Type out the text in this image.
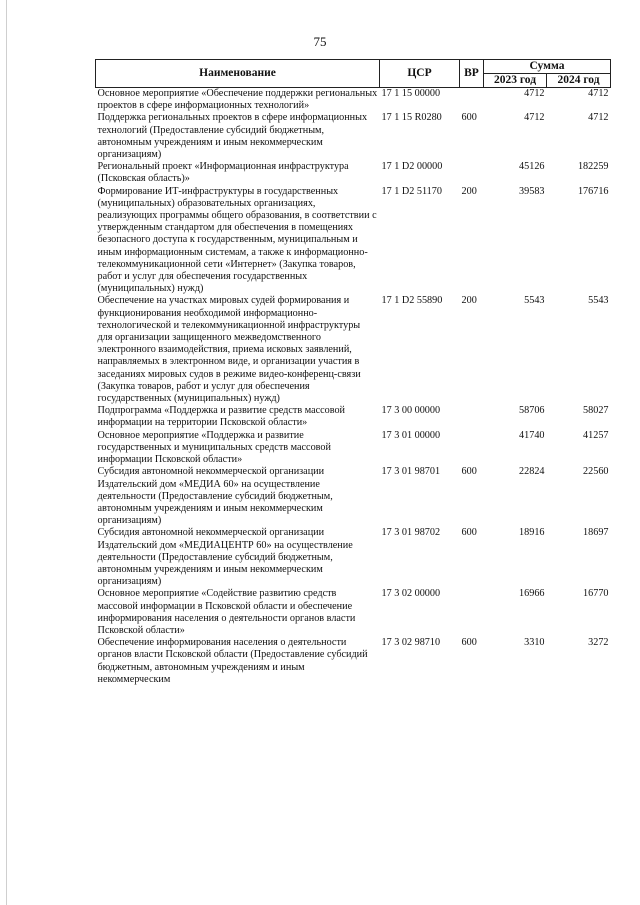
75
Наименование	ЦСР	ВР	Сумма	
			2023 год	2024 год
Основное мероприятие «Обеспечение поддержки региональных проектов в сфере информационных технологий»	17 1 15 00000		4712	4712
Поддержка региональных проектов в сфере информационных технологий (Предоставление субсидий бюджетным, автономным учреждениям и иным некоммерческим организациям)	17 1 15 R0280	600	4712	4712
Региональный проект «Информационная инфраструктура (Псковская область)»	17 1 D2 00000		45126	182259
Формирование ИТ-инфраструктуры в государственных (муниципальных) образовательных организациях, реализующих программы общего образования, в соответствии с утвержденным стандартом для обеспечения в помещениях безопасного доступа к государственным, муниципальным и иным информационным системам, а также к информационно-телекоммуникационной сети «Интернет» (Закупка товаров, работ и услуг для обеспечения государственных (муниципальных) нужд)	17 1 D2 51170	200	39583	176716
Обеспечение на участках мировых судей формирования и функционирования необходимой информационно-технологической и телекоммуникационной инфраструктуры для организации защищенного межведомственного электронного взаимодействия, приема исковых заявлений, направляемых в электронном виде, и организации участия в заседаниях мировых судов в режиме видео-конференц-связи (Закупка товаров, работ и услуг для обеспечения государственных (муниципальных) нужд)	17 1 D2 55890	200	5543	5543
Подпрограмма «Поддержка и развитие средств массовой информации на территории Псковской области»	17 3 00 00000		58706	58027
Основное мероприятие «Поддержка и развитие государственных и муниципальных средств массовой информации Псковской области»	17 3 01 00000		41740	41257
Субсидия автономной некоммерческой организации Издательский дом «МЕДИА 60» на осуществление деятельности (Предоставление субсидий бюджетным, автономным учреждениям и иным некоммерческим организациям)	17 3 01 98701	600	22824	22560
Субсидия автономной некоммерческой организации Издательский дом «МЕДИАЦЕНТР 60» на осуществление деятельности (Предоставление субсидий бюджетным, автономным учреждениям и иным некоммерческим организациям)	17 3 01 98702	600	18916	18697
Основное мероприятие «Содействие развитию средств массовой информации в Псковской области и обеспечение информирования населения о деятельности органов власти Псковской области»	17 3 02 00000		16966	16770
Обеспечение информирования населения о деятельности органов власти Псковской области (Предоставление субсидий бюджетным, автономным учреждениям и иным некоммерческим	17 3 02 98710	600	3310	3272
